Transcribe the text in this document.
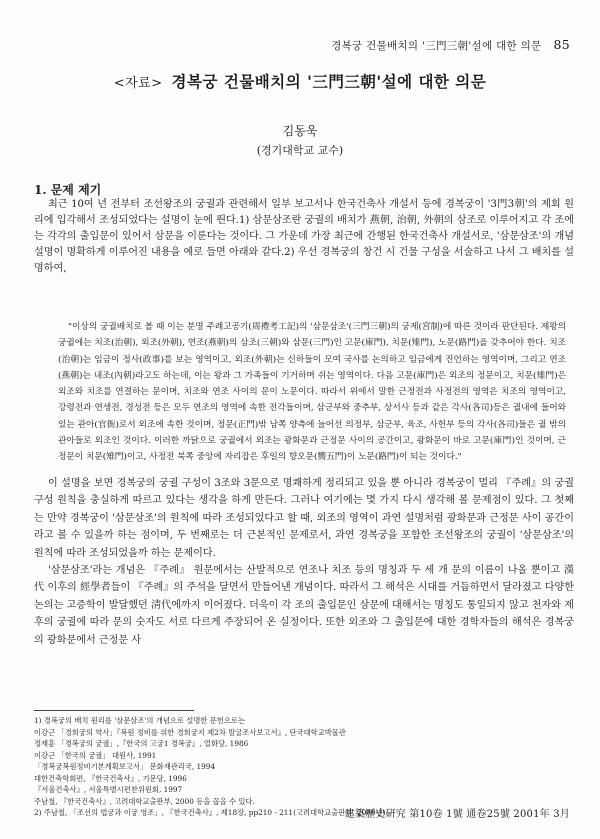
경복궁 건물배치의 '三門三朝'설에 대한 의문 85
<자료> 경복궁 건물배치의 '三門三朝'설에 대한 의문
김동욱
(경기대학교 교수)
1. 문제 제기

최근 10여 년 전부터 조선왕조의 궁궐과 관련해서 일부 보고서나 한국건축사 개설서 등에 경복궁이 '3門3朝'의 제회 원리에 입각해서 조성되었다는 설명이 눈에 띈다.1) 삼문삼조란 궁궐의 배치가 燕朝, 治朝, 外朝의 삼조로 이루어지고 각 조에는 각각의 출입문이 있어서 삼문을 이룬다는 것이다. 그 가운데 가장 최근에 간행된 한국건축사 개설서로, '삼문삼조'의 개념 설명이 명확하게 이루어진 내용을 예로 들면 아래와 같다.2) 우선 경복궁의 창건 시 건물 구성을 서술하고 나서 그 배치를 설명하여,

"이상의 궁궐배치로 볼 때 이는 분명 주례고공기(周禮考工記)의 '삼문삼조'(三門三朝)의 궁제(宮制)에 따른 것이라 판단된다. 제왕의 궁궐에는 치조(治朝), 외조(外朝), 연조(燕朝)의 삼조(三朝)와 삼문(三門)인 고문(庫門), 치문(雉門), 노문(路門)을 갖추어야 한다. 치조(治朝)는 임금이 정사(政事)를 보는 영역이고, 외조(外朝)는 신하들이 모여 국사를 논의하고 임금에게 진언하는 영역이며, 그리고 연조(燕朝)는 내조(內朝)라고도 하는데, 이는 왕과 그 가족들이 기거하며 쉬는 영역이다. 다음 고문(庫門)은 외조의 정문이고, 치문(雉門)은 외조와 치조를 연결하는 문이며, 치조와 연조 사이의 문이 노문이다. 따라서 위에서 말한 근정전과 사정전의 영역은 치조의 영역이고, 강령전과 연생전, 경성전 등은 모두 연조의 영역에 속한 전각들이며, 삼군부와 중추부, 상서사 등과 같은 각사(各司)등은 궐내에 들어와 있는 관아(官衙)로서 외조에 속한 것이며, 정문(正門)밖 남쪽 양측에 늘어선 의정부, 삼군부, 육조, 사헌부 등의 각사(各司)들은 궐 밖의 관아들로 외조인 것이다. 이러한 까닭으로 궁궐에서 외조는 광화문과 근정문 사이의 공간이고, 광화문이 바로 고문(庫門)인 것이며, 근정문이 치문(雉門)이고, 사정전 북쪽 중앙에 자리잡은 후일의 향오문(嚮五門)이 노문(路門)이 되는 것이다."

이 설명을 보면 경복궁의 궁궐 구성이 3조와 3문으로 명쾌하게 정리되고 있을 뿐 아니라 경복궁이 멀리 『주례』의 궁궐 구성 원칙을 충실하게 따르고 있다는 생각을 하게 만든다. 그러나 여기에는 몇 가지 다시 생각해 볼 문제점이 있다. 그 첫째는 만약 경복궁이 '삼문삼조'의 원칙에 따라 조성되었다고 할 때, 외조의 영역이 과연 설명처럼 광화문과 근정문 사이 공간이라고 볼 수 있을까 하는 점이며, 두 번째로는 더 근본적인 문제로서, 과연 경복궁을 포함한 조선왕조의 궁궐이 '삼문삼조'의 원칙에 따라 조성되었을까 하는 문제이다.
'삼문삼조'라는 개념은 『주례』 원문에서는 산발적으로 연조나 치조 등의 명칭과 두 세 개 문의 이름이 나올 뿐이고 漢代 이후의 經學者들이 『주례』의 주석을 달면서 만들어낸 개념이다. 따라서 그 해석은 시대를 거듭하면서 달라졌고 다양한 논의는 고증학이 발달했던 淸代에까지 이어졌다. 더욱이 각 조의 출입문인 삼문에 대해서는 명칭도 통일되지 않고 천자와 제후의 궁궐에 따라 문의 숫자도 서로 다르게 주장되어 온 실정이다. 또한 외조와 그 출입문에 대한 경학자들의 해석은 경복궁의 광화문에서 근정문 사
1) 경복궁의 배치 원리를 '삼문삼조'의 개념으로 설명한 문헌으로는
이강근 「경희궁의 역사」『복원 정비를 위한 경희궁지 제2차 발굴조사보고서』, 단국대학교박물관
정재훈 「경복궁의 궁궐」,『한국의 고궁1 경복궁』, 열화당, 1986
이강근 「한국의 궁궐」 대원사, 1991
「경복궁복원정비기본계획보고서」 문화재관리국, 1994
대한건축학회편, 『한국건축사』, 기문당, 1996
『서울건축사』, 서울특별시편찬위원회, 1997
주남철, 『한국건축사』, 고려대학교출판부, 2000 등을 꼽을 수 있다.
2) 주남철, 「조선의 법궁과 이궁 영조」, 『한국건축사』, 제18장, pp210 - 211(고려대학교출판부, 2000년)
建築歷史硏究 第10卷 1號 通卷25號 2001年 3月
